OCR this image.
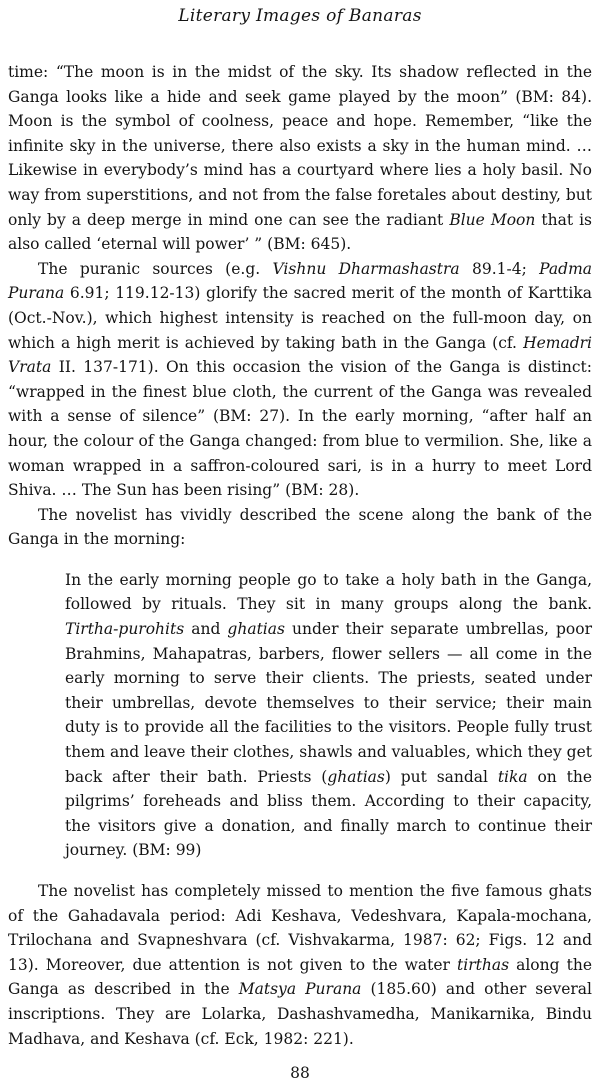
Literary Images of Banaras

time: “The moon is in the midst of the sky. Its shadow reflected in the Ganga looks like a hide and seek game played by the moon” (BM: 84). Moon is the symbol of coolness, peace and hope. Remember, “like the infinite sky in the universe, there also exists a sky in the human mind. … Likewise in everybody’s mind has a courtyard where lies a holy basil. No way from superstitions, and not from the false foretales about destiny, but only by a deep merge in mind one can see the radiant Blue Moon that is also called ‘eternal will power’ ” (BM: 645).

The puranic sources (e.g. Vishnu Dharmashastra 89.1-4; Padma Purana 6.91; 119.12-13) glorify the sacred merit of the month of Karttika (Oct.-Nov.), which highest intensity is reached on the full-moon day, on which a high merit is achieved by taking bath in the Ganga (cf. Hemadri Vrata II. 137-171). On this occasion the vision of the Ganga is distinct: “wrapped in the finest blue cloth, the current of the Ganga was revealed with a sense of silence” (BM: 27). In the early morning, “after half an hour, the colour of the Ganga changed: from blue to vermilion. She, like a woman wrapped in a saffron-coloured sari, is in a hurry to meet Lord Shiva. … The Sun has been rising” (BM: 28).

The novelist has vividly described the scene along the bank of the Ganga in the morning:

In the early morning people go to take a holy bath in the Ganga, followed by rituals. They sit in many groups along the bank. Tirtha-purohits and ghatias under their separate umbrellas, poor Brahmins, Mahapatras, barbers, flower sellers — all come in the early morning to serve their clients. The priests, seated under their umbrellas, devote themselves to their service; their main duty is to provide all the facilities to the visitors. People fully trust them and leave their clothes, shawls and valuables, which they get back after their bath. Priests (ghatias) put sandal tika on the pilgrims’ foreheads and bliss them. According to their capacity, the visitors give a donation, and finally march to continue their journey. (BM: 99)

The novelist has completely missed to mention the five famous ghats of the Gahadavala period: Adi Keshava, Vedeshvara, Kapala-mochana, Trilochana and Svapneshvara (cf. Vishvakarma, 1987: 62; Figs. 12 and 13). Moreover, due attention is not given to the water tirthas along the Ganga as described in the Matsya Purana (185.60) and other several inscriptions. They are Lolarka, Dashashvamedha, Manikarnika, Bindu Madhava, and Keshava (cf. Eck, 1982: 221).

88
